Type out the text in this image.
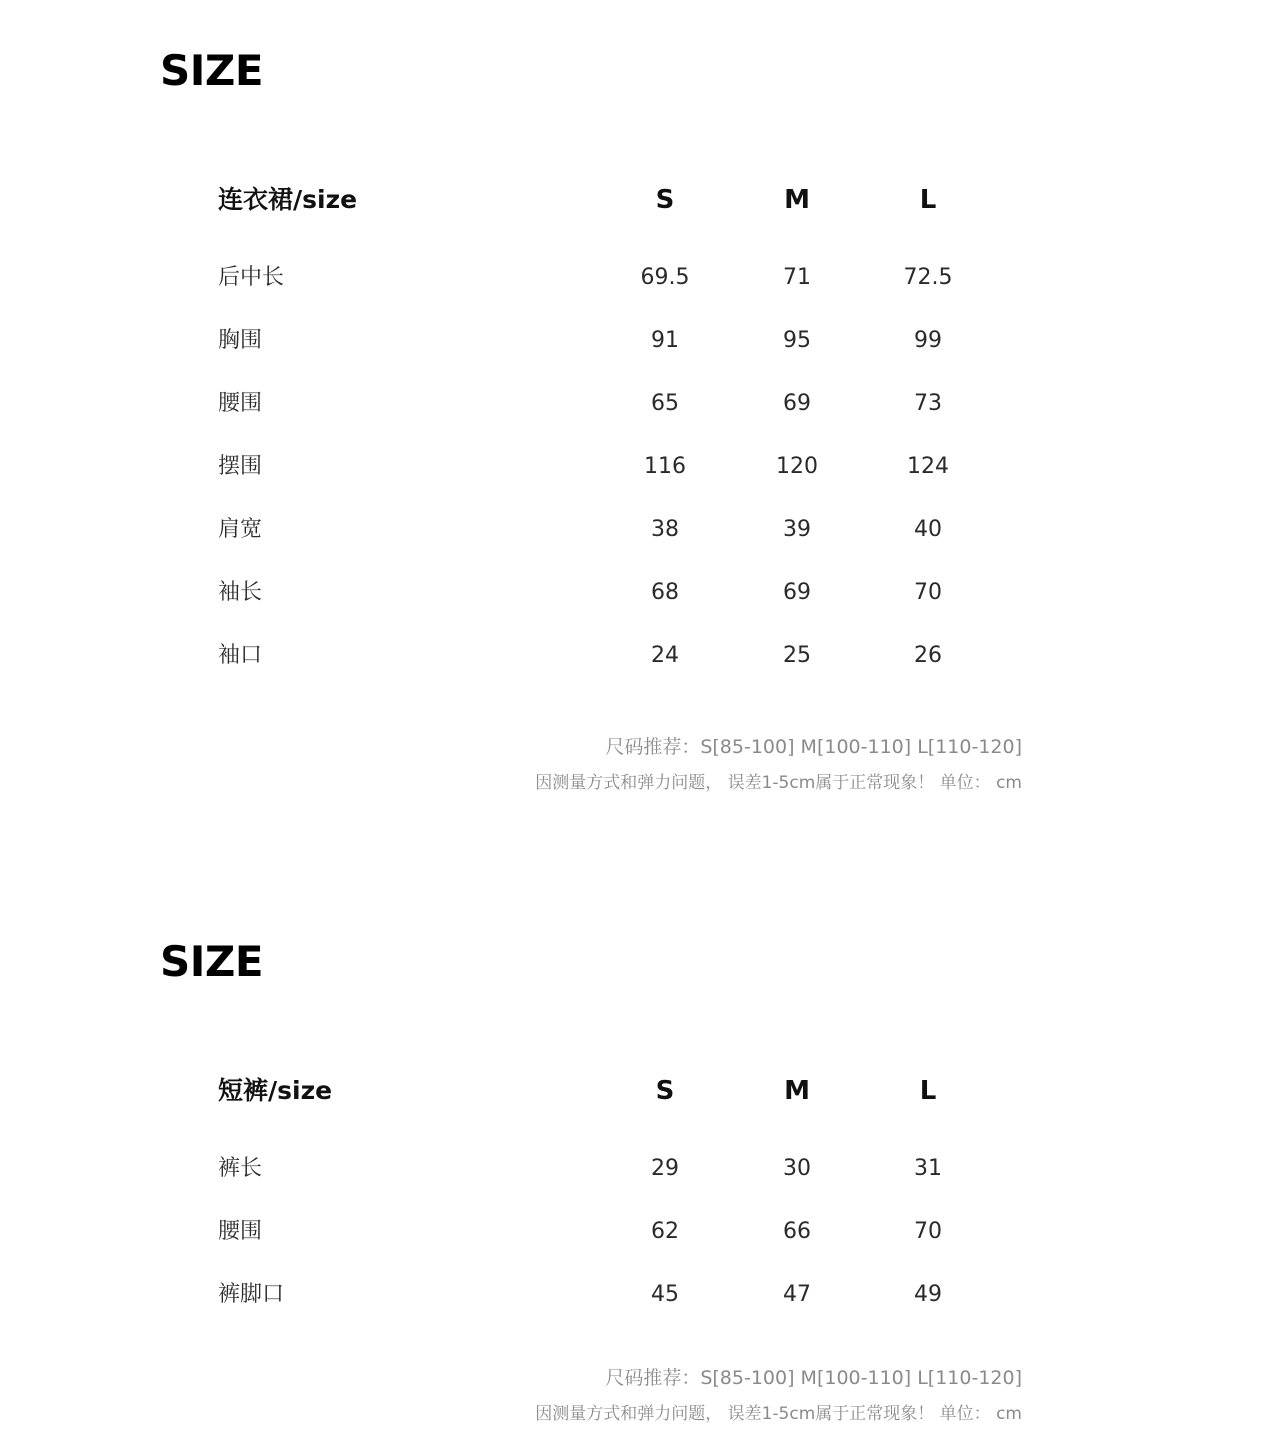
SIZE
连衣裙/size	S	M	L
后中长	69.5	71	72.5
胸围	91	95	99
腰围	65	69	73
摆围	116	120	124
肩宽	38	39	40
袖长	68	69	70
袖口	24	25	26

尺码推荐：S[85-100] M[100-110] L[110-120]

因测量方式和弹力问题， 误差1-5cm属于正常现象！ 单位： cm

SIZE
短裤/size	S	M	L
裤长	29	30	31
腰围	62	66	70
裤脚口	45	47	49

尺码推荐：S[85-100] M[100-110] L[110-120]

因测量方式和弹力问题， 误差1-5cm属于正常现象！ 单位： cm
